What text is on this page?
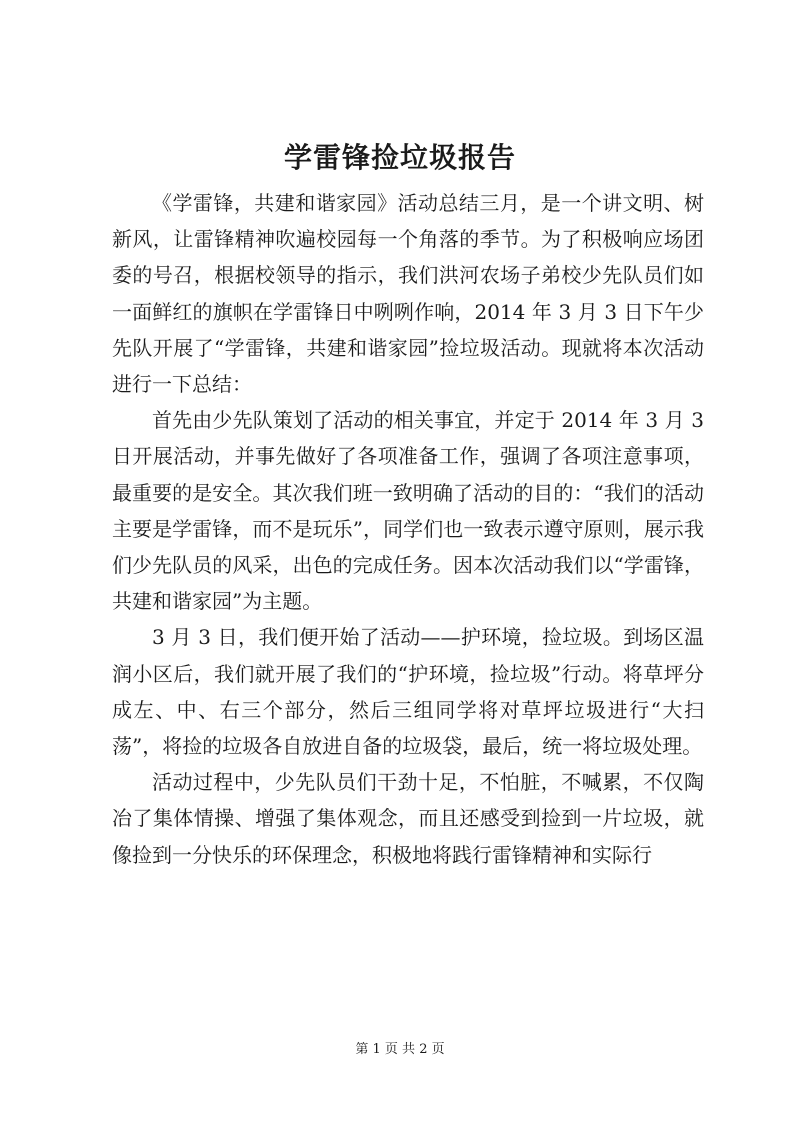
学雷锋捡垃圾报告

《学雷锋，共建和谐家园》活动总结三月，是一个讲文明、树新风，让雷锋精神吹遍校园每一个角落的季节。为了积极响应场团委的号召，根据校领导的指示，我们洪河农场子弟校少先队员们如一面鲜红的旗帜在学雷锋日中咧咧作响，2014 年 3 月 3 日下午少先队开展了“学雷锋，共建和谐家园”捡垃圾活动。现就将本次活动进行一下总结：

首先由少先队策划了活动的相关事宜，并定于 2014 年 3 月 3 日开展活动，并事先做好了各项准备工作，强调了各项注意事项，最重要的是安全。其次我们班一致明确了活动的目的：“我们的活动主要是学雷锋，而不是玩乐”，同学们也一致表示遵守原则，展示我们少先队员的风采，出色的完成任务。因本次活动我们以“学雷锋，共建和谐家园”为主题。

3 月 3 日，我们便开始了活动——护环境，捡垃圾。到场区温润小区后，我们就开展了我们的“护环境，捡垃圾”行动。将草坪分成左、中、右三个部分，然后三组同学将对草坪垃圾进行“大扫荡”，将捡的垃圾各自放进自备的垃圾袋，最后，统一将垃圾处理。

活动过程中，少先队员们干劲十足，不怕脏，不喊累，不仅陶冶了集体情操、增强了集体观念，而且还感受到捡到一片垃圾，就像捡到一分快乐的环保理念，积极地将践行雷锋精神和实际行

第 1 页 共 2 页
